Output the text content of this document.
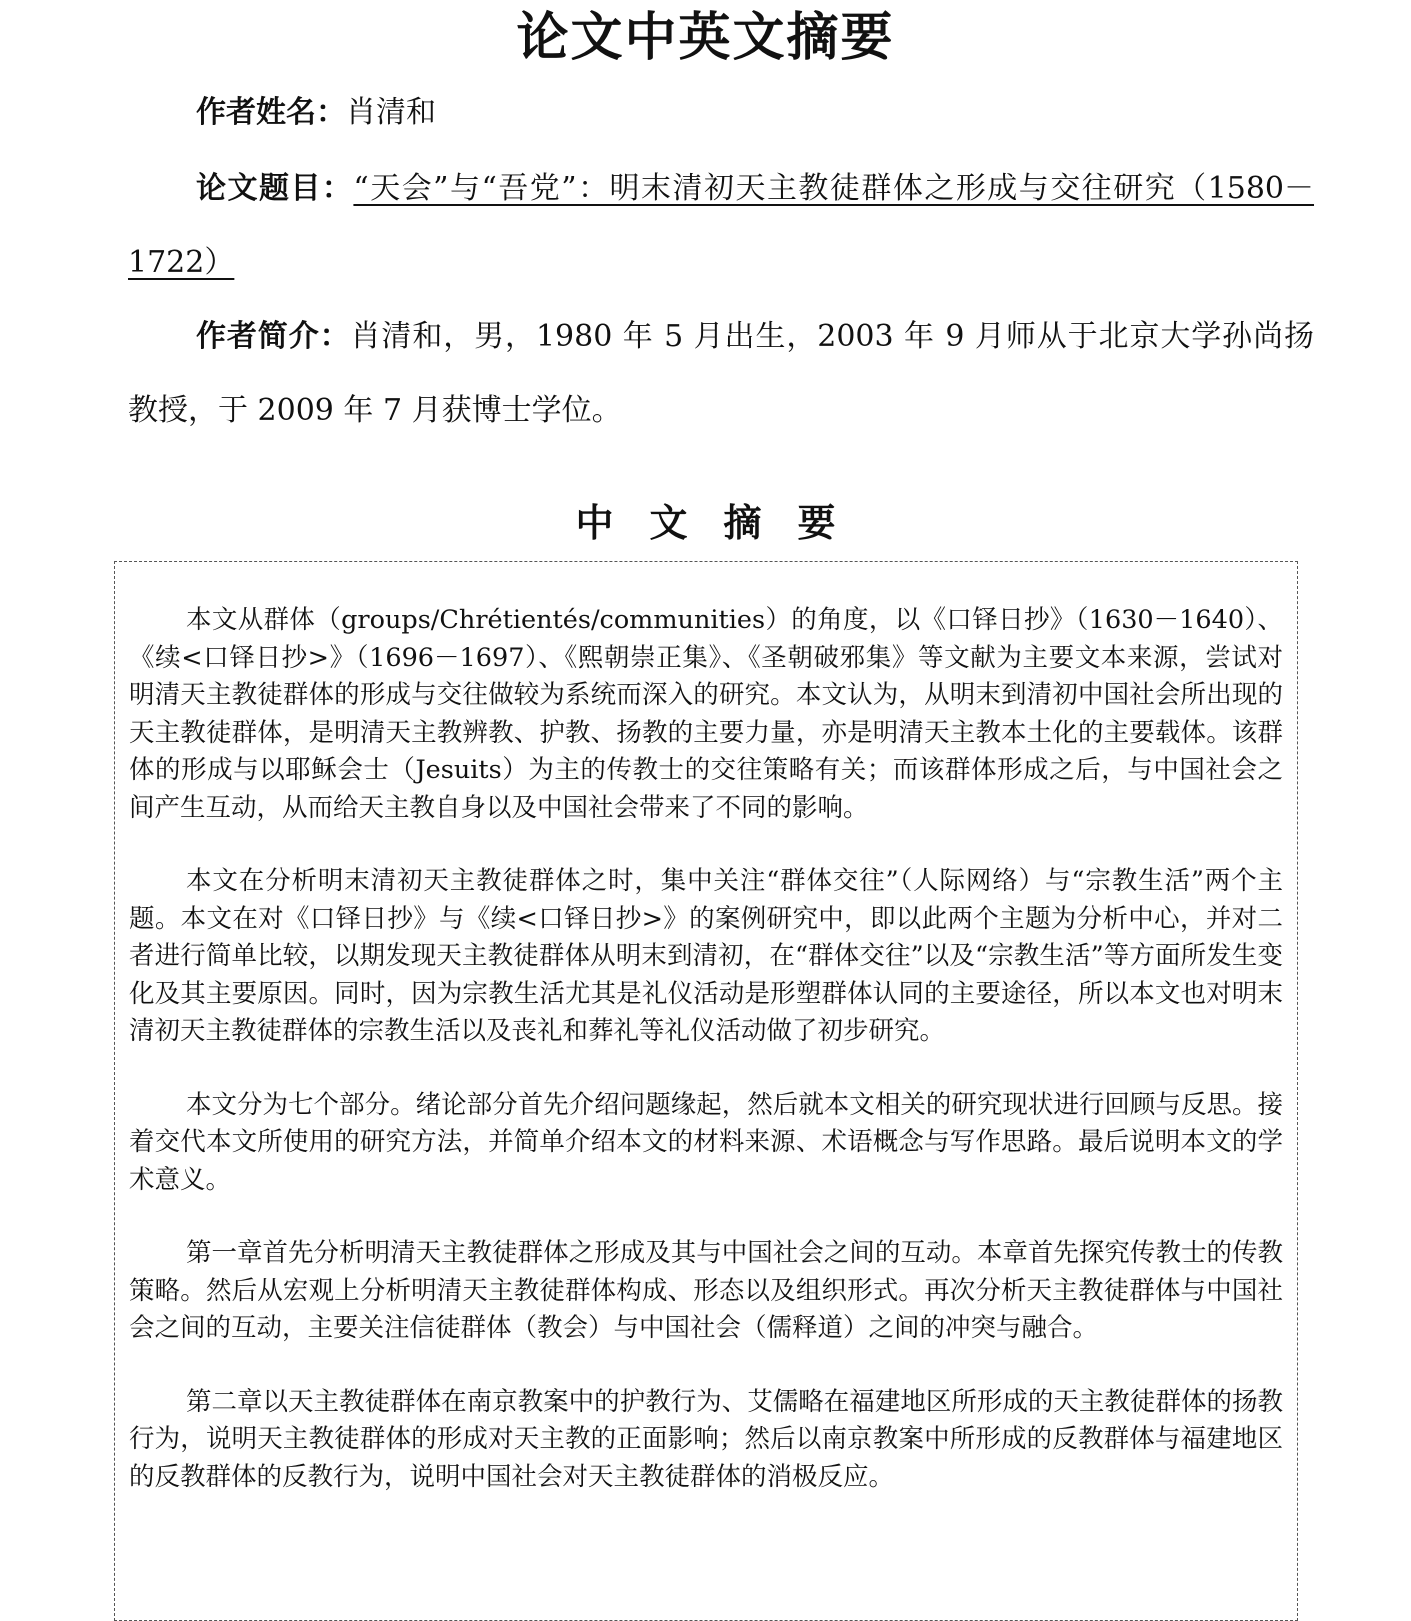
论文中英文摘要
作者姓名：肖清和
论文题目：“天会”与“吾党”：明末清初天主教徒群体之形成与交往研究（1580－1722）
作者简介：肖清和，男，1980 年 5 月出生，2003 年 9 月师从于北京大学孙尚扬教授，于 2009 年 7 月获博士学位。
中文摘要

本文从群体（groups/Chrétientés/communities）的角度，以《口铎日抄》（1630－1640）、《续<口铎日抄>》（1696－1697）、《熙朝崇正集》、《圣朝破邪集》等文献为主要文本来源，尝试对明清天主教徒群体的形成与交往做较为系统而深入的研究。本文认为，从明末到清初中国社会所出现的天主教徒群体，是明清天主教辨教、护教、扬教的主要力量，亦是明清天主教本土化的主要载体。该群体的形成与以耶稣会士（Jesuits）为主的传教士的交往策略有关；而该群体形成之后，与中国社会之间产生互动，从而给天主教自身以及中国社会带来了不同的影响。

本文在分析明末清初天主教徒群体之时，集中关注“群体交往”（人际网络）与“宗教生活”两个主题。本文在对《口铎日抄》与《续<口铎日抄>》的案例研究中，即以此两个主题为分析中心，并对二者进行简单比较，以期发现天主教徒群体从明末到清初，在“群体交往”以及“宗教生活”等方面所发生变化及其主要原因。同时，因为宗教生活尤其是礼仪活动是形塑群体认同的主要途径，所以本文也对明末清初天主教徒群体的宗教生活以及丧礼和葬礼等礼仪活动做了初步研究。

本文分为七个部分。绪论部分首先介绍问题缘起，然后就本文相关的研究现状进行回顾与反思。接着交代本文所使用的研究方法，并简单介绍本文的材料来源、术语概念与写作思路。最后说明本文的学术意义。

第一章首先分析明清天主教徒群体之形成及其与中国社会之间的互动。本章首先探究传教士的传教策略。然后从宏观上分析明清天主教徒群体构成、形态以及组织形式。再次分析天主教徒群体与中国社会之间的互动，主要关注信徒群体（教会）与中国社会（儒释道）之间的冲突与融合。

第二章以天主教徒群体在南京教案中的护教行为、艾儒略在福建地区所形成的天主教徒群体的扬教行为，说明天主教徒群体的形成对天主教的正面影响；然后以南京教案中所形成的反教群体与福建地区的反教群体的反教行为，说明中国社会对天主教徒群体的消极反应。
